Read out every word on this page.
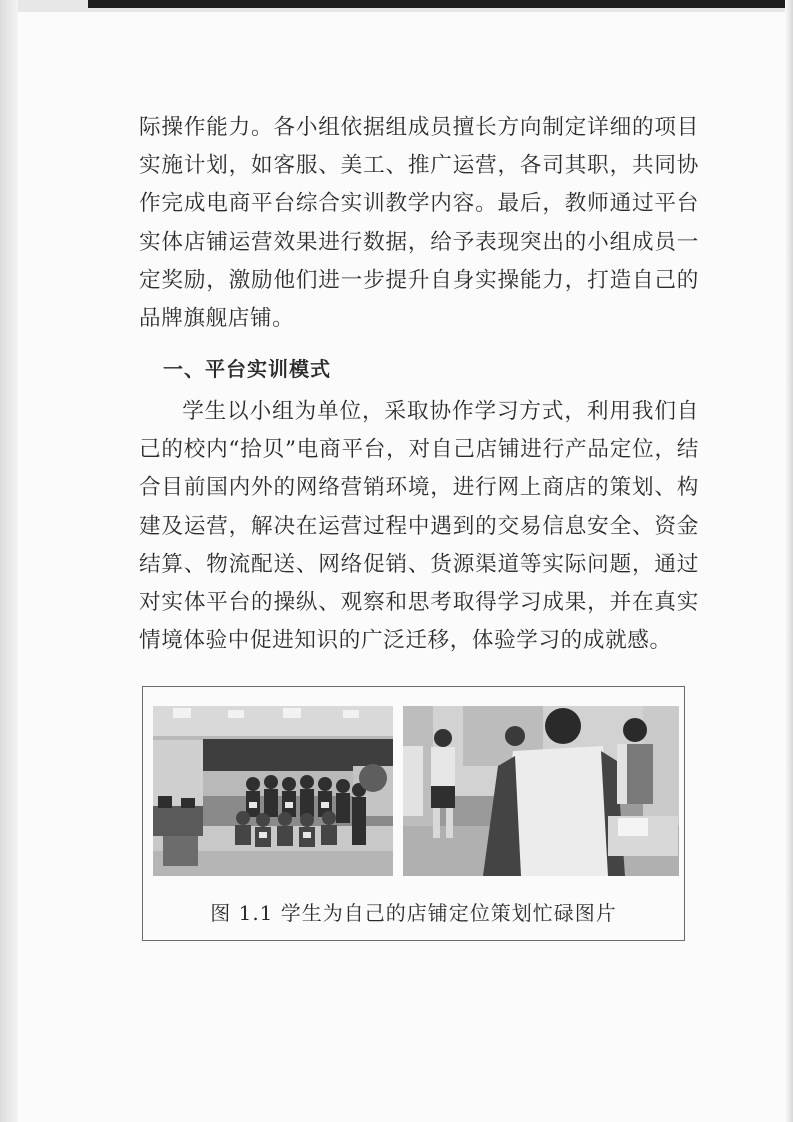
际操作能力。各小组依据组成员擅长方向制定详细的项目实施计划，如客服、美工、推广运营，各司其职，共同协作完成电商平台综合实训教学内容。最后，教师通过平台实体店铺运营效果进行数据，给予表现突出的小组成员一定奖励，激励他们进一步提升自身实操能力，打造自己的品牌旗舰店铺。

一、平台实训模式

学生以小组为单位，采取协作学习方式，利用我们自己的校内“拾贝”电商平台，对自己店铺进行产品定位，结合目前国内外的网络营销环境，进行网上商店的策划、构建及运营，解决在运营过程中遇到的交易信息安全、资金结算、物流配送、网络促销、货源渠道等实际问题，通过对实体平台的操纵、观察和思考取得学习成果，并在真实情境体验中促进知识的广泛迁移，体验学习的成就感。

图 1.1 学生为自己的店铺定位策划忙碌图片
